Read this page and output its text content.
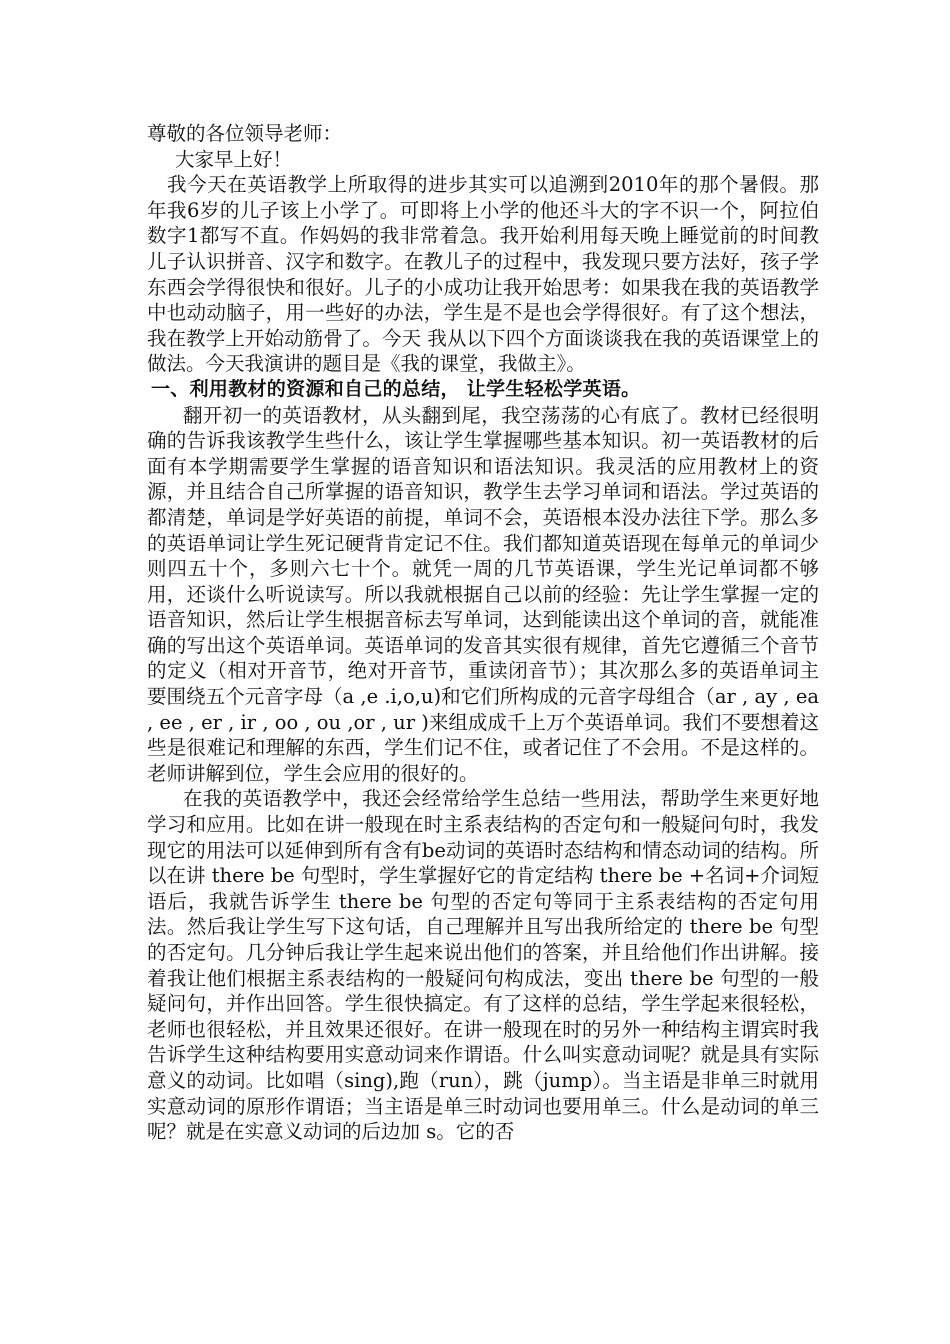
尊敬的各位领导老师：

大家早上好！

我今天在英语教学上所取得的进步其实可以追溯到2010年的那个暑假。那年我6岁的儿子该上小学了。可即将上小学的他还斗大的字不识一个，阿拉伯数字1都写不直。作妈妈的我非常着急。我开始利用每天晚上睡觉前的时间教儿子认识拼音、汉字和数字。在教儿子的过程中，我发现只要方法好，孩子学东西会学得很快和很好。儿子的小成功让我开始思考：如果我在我的英语教学中也动动脑子，用一些好的办法，学生是不是也会学得很好。有了这个想法，我在教学上开始动筋骨了。今天 我从以下四个方面谈谈我在我的英语课堂上的做法。今天我演讲的题目是《我的课堂，我做主》。

一、利用教材的资源和自己的总结， 让学生轻松学英语。

翻开初一的英语教材，从头翻到尾，我空荡荡的心有底了。教材已经很明确的告诉我该教学生些什么，该让学生掌握哪些基本知识。初一英语教材的后面有本学期需要学生掌握的语音知识和语法知识。我灵活的应用教材上的资源，并且结合自己所掌握的语音知识，教学生去学习单词和语法。学过英语的都清楚，单词是学好英语的前提，单词不会，英语根本没办法往下学。那么多的英语单词让学生死记硬背肯定记不住。我们都知道英语现在每单元的单词少则四五十个，多则六七十个。就凭一周的几节英语课，学生光记单词都不够用，还谈什么听说读写。所以我就根据自己以前的经验：先让学生掌握一定的语音知识，然后让学生根据音标去写单词，达到能读出这个单词的音，就能准确的写出这个英语单词。英语单词的发音其实很有规律，首先它遵循三个音节的定义（相对开音节，绝对开音节，重读闭音节）；其次那么多的英语单词主要围绕五个元音字母（a ,e .i,o,u)和它们所构成的元音字母组合（ar , ay , ea , ee , er , ir , oo , ou ,or , ur )来组成成千上万个英语单词。我们不要想着这些是很难记和理解的东西，学生们记不住，或者记住了不会用。不是这样的。老师讲解到位，学生会应用的很好的。

在我的英语教学中，我还会经常给学生总结一些用法，帮助学生来更好地学习和应用。比如在讲一般现在时主系表结构的否定句和一般疑问句时，我发现它的用法可以延伸到所有含有be动词的英语时态结构和情态动词的结构。所以在讲 there be 句型时，学生掌握好它的肯定结构 there be +名词+介词短语后，我就告诉学生 there be 句型的否定句等同于主系表结构的否定句用法。然后我让学生写下这句话，自己理解并且写出我所给定的 there be 句型的否定句。几分钟后我让学生起来说出他们的答案，并且给他们作出讲解。接着我让他们根据主系表结构的一般疑问句构成法，变出 there be 句型的一般疑问句，并作出回答。学生很快搞定。有了这样的总结，学生学起来很轻松，老师也很轻松，并且效果还很好。在讲一般现在时的另外一种结构主谓宾时我告诉学生这种结构要用实意动词来作谓语。什么叫实意动词呢？就是具有实际意义的动词。比如唱（sing),跑（run），跳（jump）。当主语是非单三时就用实意动词的原形作谓语；当主语是单三时动词也要用单三。什么是动词的单三呢？就是在实意义动词的后边加 s。它的否
